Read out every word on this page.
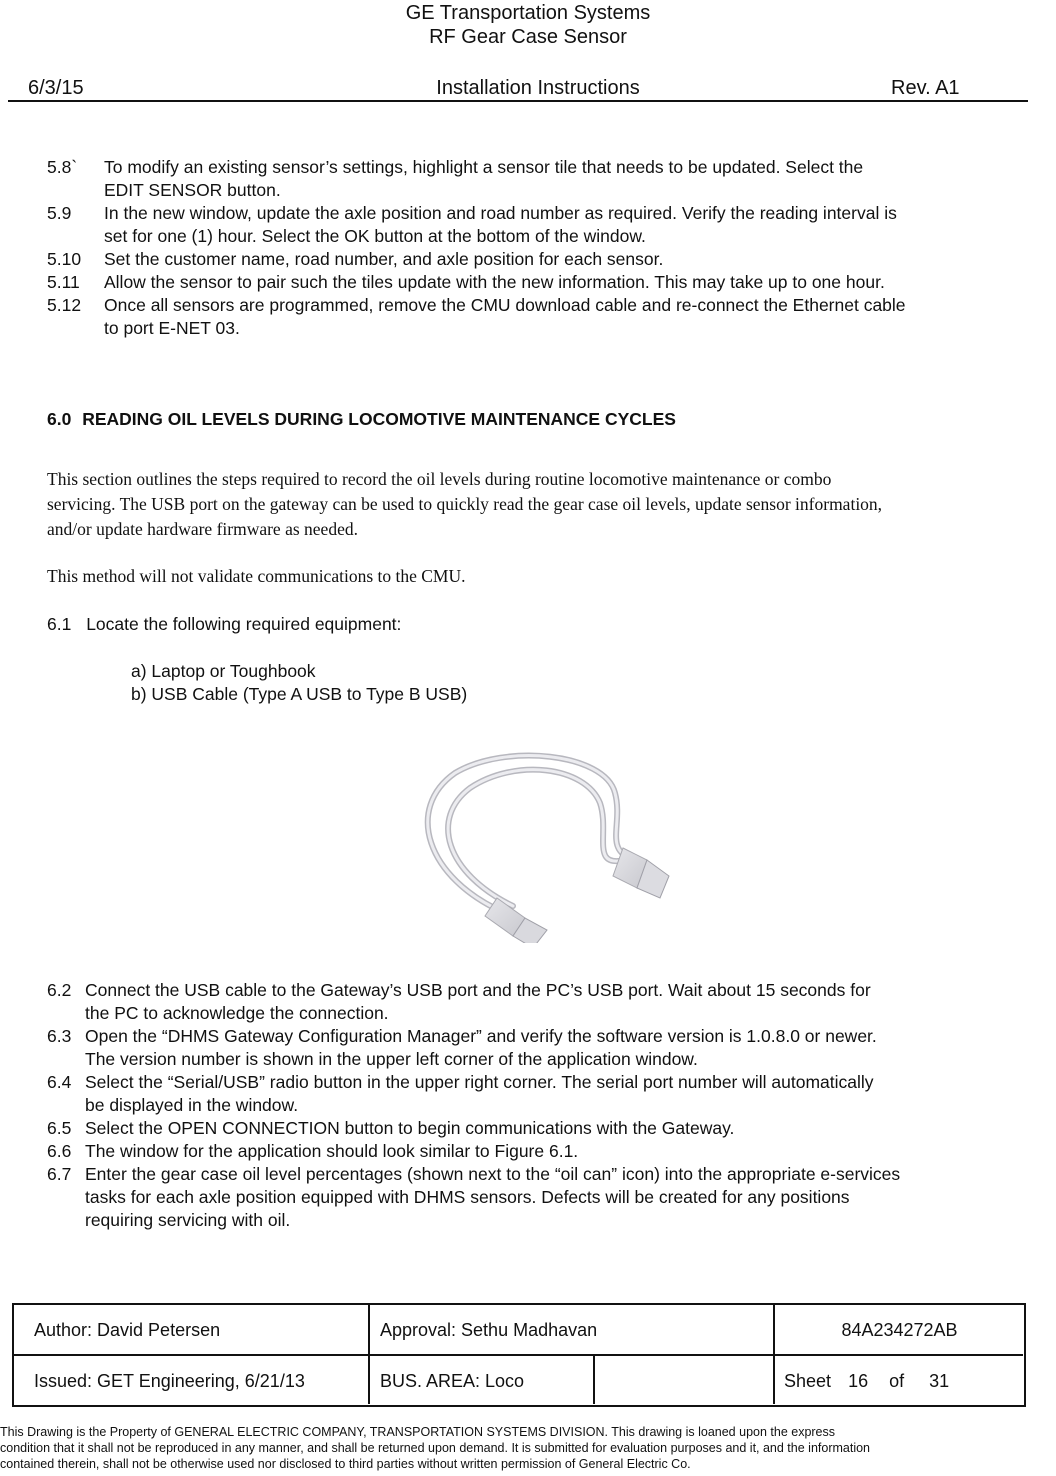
GE Transportation Systems
RF Gear Case Sensor
6/3/15	Installation Instructions	Rev. A1
5.8` To modify an existing sensor’s settings, highlight a sensor tile that needs to be updated. Select the
EDIT SENSOR button.
5.9 In the new window, update the axle position and road number as required. Verify the reading interval is
set for one (1) hour. Select the OK button at the bottom of the window.
5.10 Set the customer name, road number, and axle position for each sensor.
5.11 Allow the sensor to pair such the tiles update with the new information. This may take up to one hour.
5.12 Once all sensors are programmed, remove the CMU download cable and re-connect the Ethernet cable
to port E-NET 03.
6.0 READING OIL LEVELS DURING LOCOMOTIVE MAINTENANCE CYCLES
This section outlines the steps required to record the oil levels during routine locomotive maintenance or combo
servicing. The USB port on the gateway can be used to quickly read the gear case oil levels, update sensor information,
and/or update hardware firmware as needed.
This method will not validate communications to the CMU.
6.1 Locate the following required equipment:
a) Laptop or Toughbook
b) USB Cable (Type A USB to Type B USB)
6.2 Connect the USB cable to the Gateway’s USB port and the PC’s USB port. Wait about 15 seconds for
the PC to acknowledge the connection.
6.3 Open the “DHMS Gateway Configuration Manager” and verify the software version is 1.0.8.0 or newer.
The version number is shown in the upper left corner of the application window.
6.4 Select the “Serial/USB” radio button in the upper right corner. The serial port number will automatically
be displayed in the window.
6.5 Select the OPEN CONNECTION button to begin communications with the Gateway.
6.6 The window for the application should look similar to Figure 6.1.
6.7 Enter the gear case oil level percentages (shown next to the “oil can” icon) into the appropriate e-services
tasks for each axle position equipped with DHMS sensors. Defects will be created for any positions
requiring servicing with oil.
Author: David Petersen	Approval: Sethu Madhavan	84A234272AB
Issued: GET Engineering, 6/21/13	BUS. AREA: Loco	Sheet 16 of 31
This Drawing is the Property of GENERAL ELECTRIC COMPANY, TRANSPORTATION SYSTEMS DIVISION. This drawing is loaned upon the express
condition that it shall not be reproduced in any manner, and shall be returned upon demand. It is submitted for evaluation purposes and it, and the information
contained therein, shall not be otherwise used nor disclosed to third parties without written permission of General Electric Co.
